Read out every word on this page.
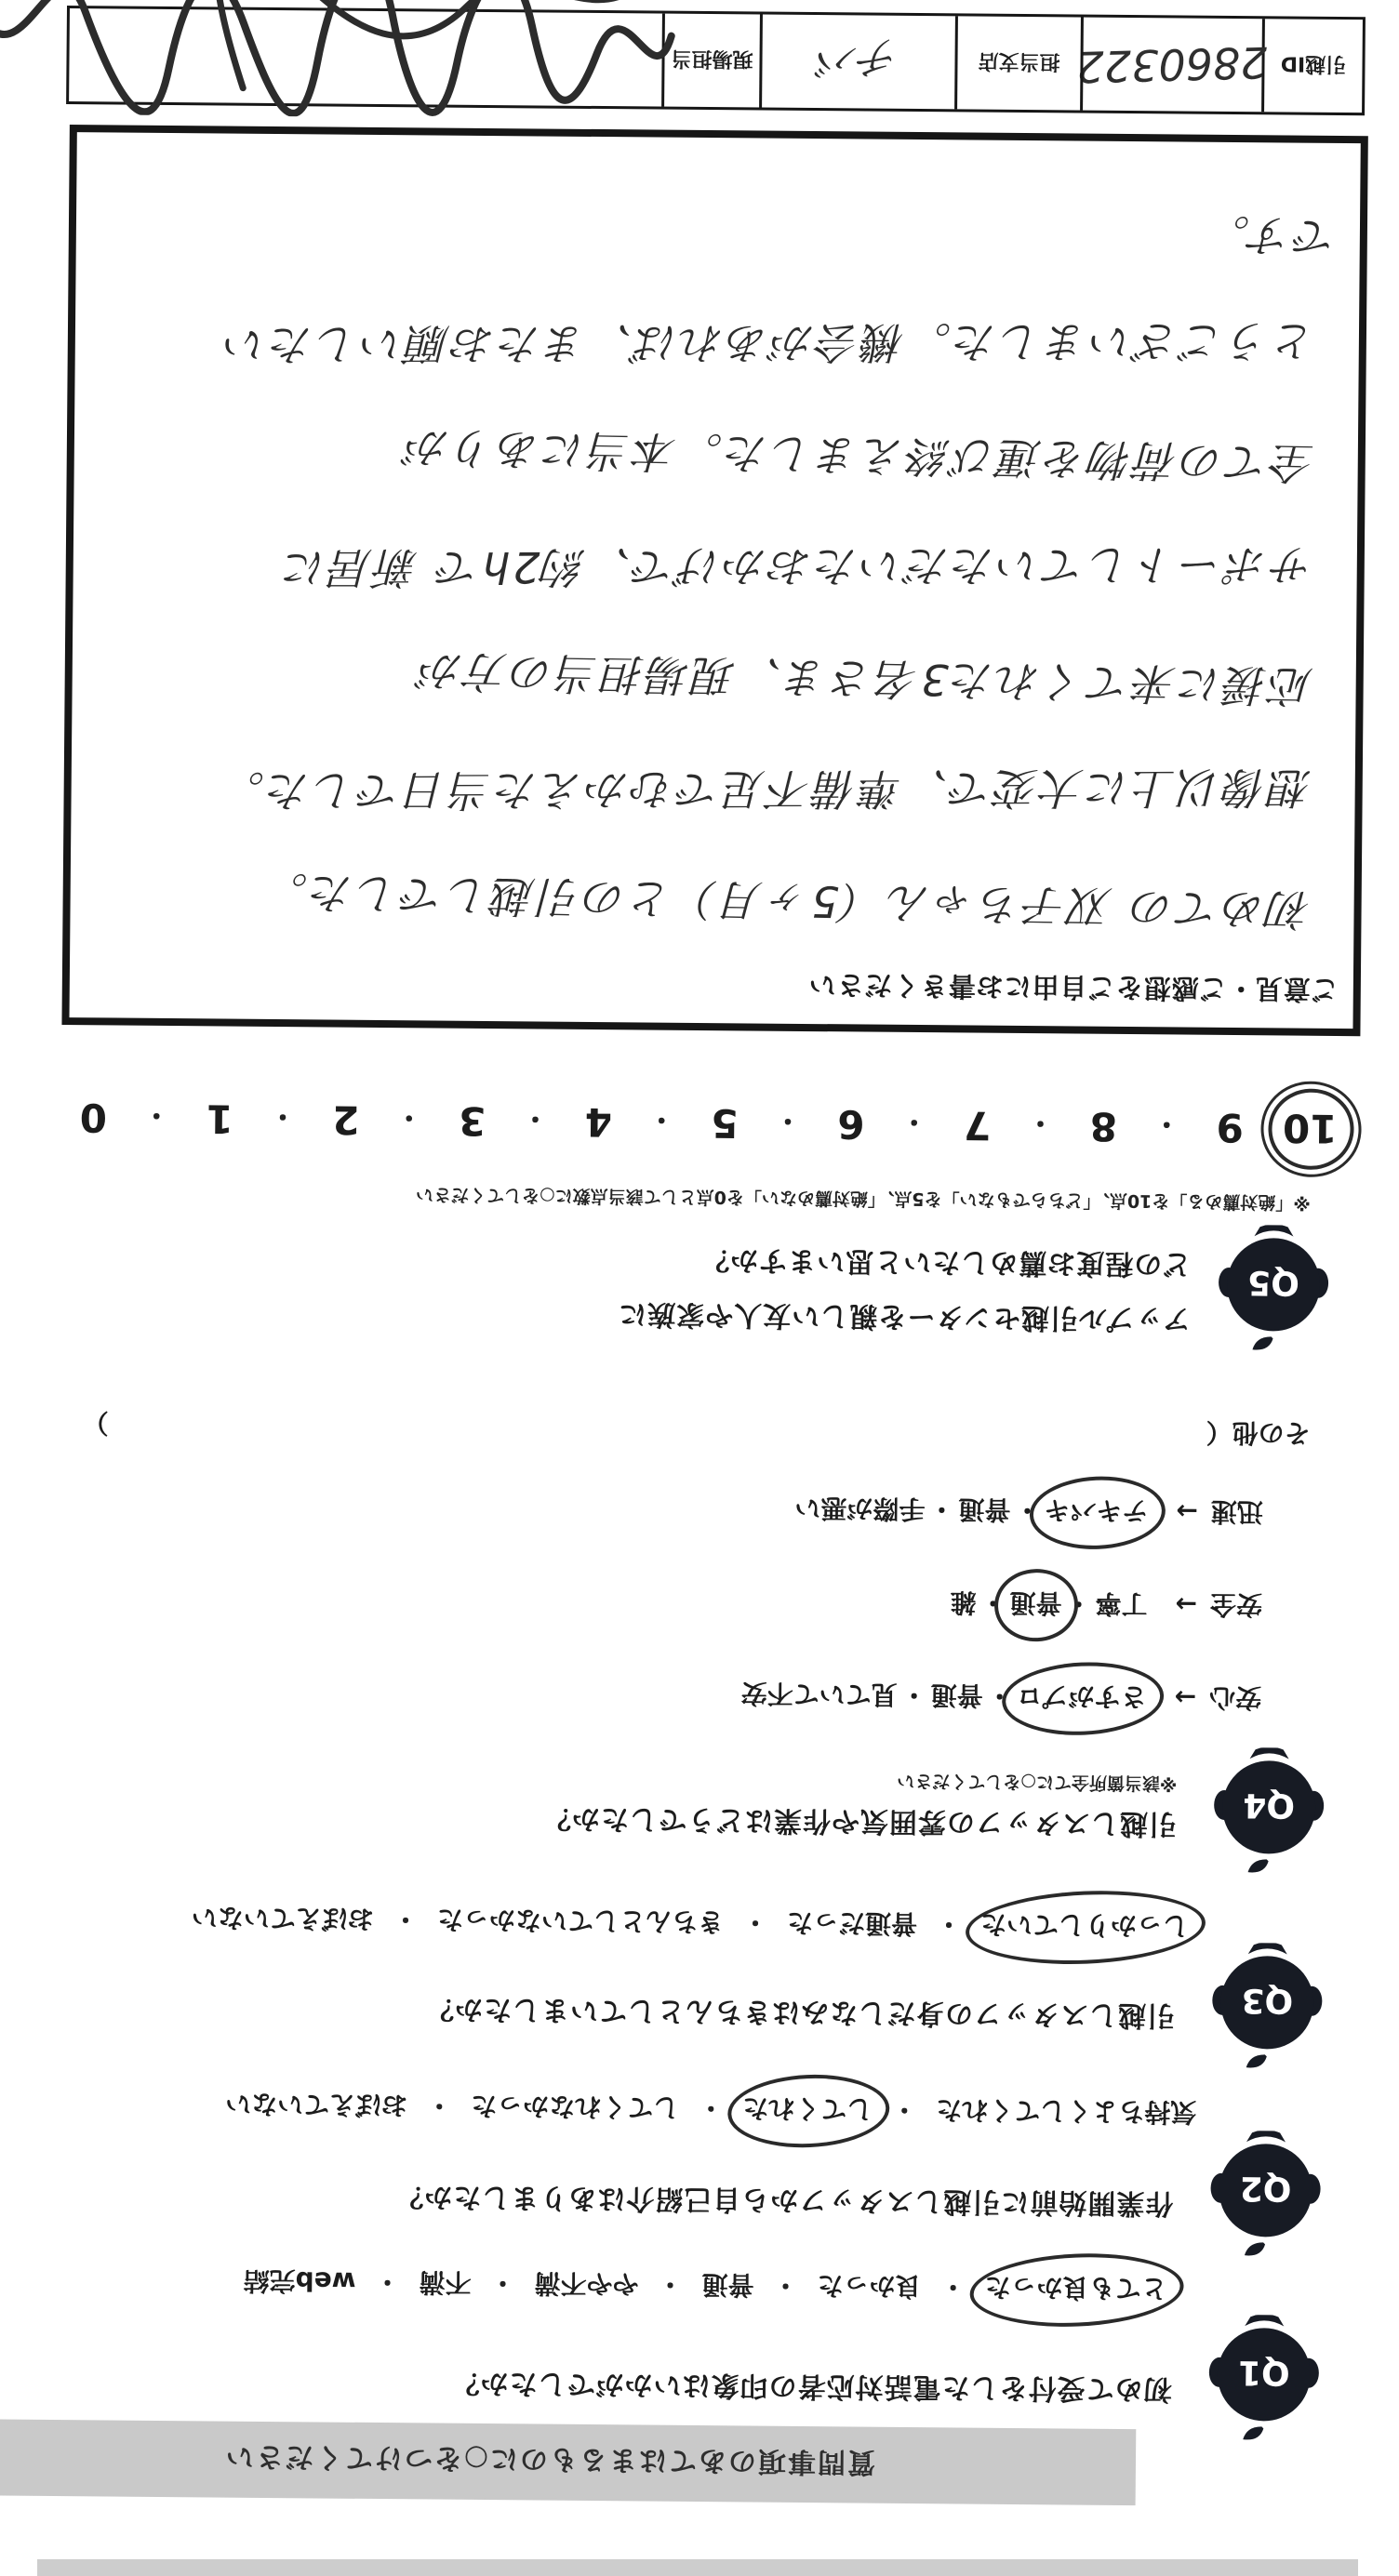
質問事項のあてはまるものに○をつけてください
Q1
初めて受付をした電話対応者の印象はいかがでしたか？
とても良かった・良かった・普通・やや不満・不満・web完結
Q2
作業開始前に引越しスタッフから自己紹介はありましたか？
気持ちよくしてくれた・してくれた・してくれなかった・おぼえていない
Q3
引越しスタッフの身だしなみはきちんとしていましたか？
しっかりしていた・普通だった・きちんとしていなかった・おぼえていない
Q4
引越しスタッフの雰囲気や作業はどうでしたか？
※該当箇所全てに○をしてください
安心→さすがプロ・普通・見ていて不安
安全→丁寧・普通・雑
迅速→テキパキ・普通・手際が悪い
その他（
）
Q5
アップル引越センターを親しい友人や家族に
どの程度お薦めしたいと思いますか？
※「絶対薦める」を10点、「どちらでもない」を5点、「絶対薦めない」を0点として該当点数に○をしてください
10
9
・
8
・
7
・
6
・
5
・
4
・
3
・
2
・
1
・
0
ご意見・ご感想をご自由にお書きください
初めての 双子ちゃん（5ヶ月）との引越しでした。
想像以上に大変で、準備不足でむかえた当日でした。
応援に来てくれた3名さま、現場担当の方が
サポートしていただいたおかげで、約2hで 新居に
全ての荷物を運び終えました。本当にありが
とうございました。機会があれば、またお願いしたい
です。
引越ID
2860322
担当支店
チバ
現場担当
